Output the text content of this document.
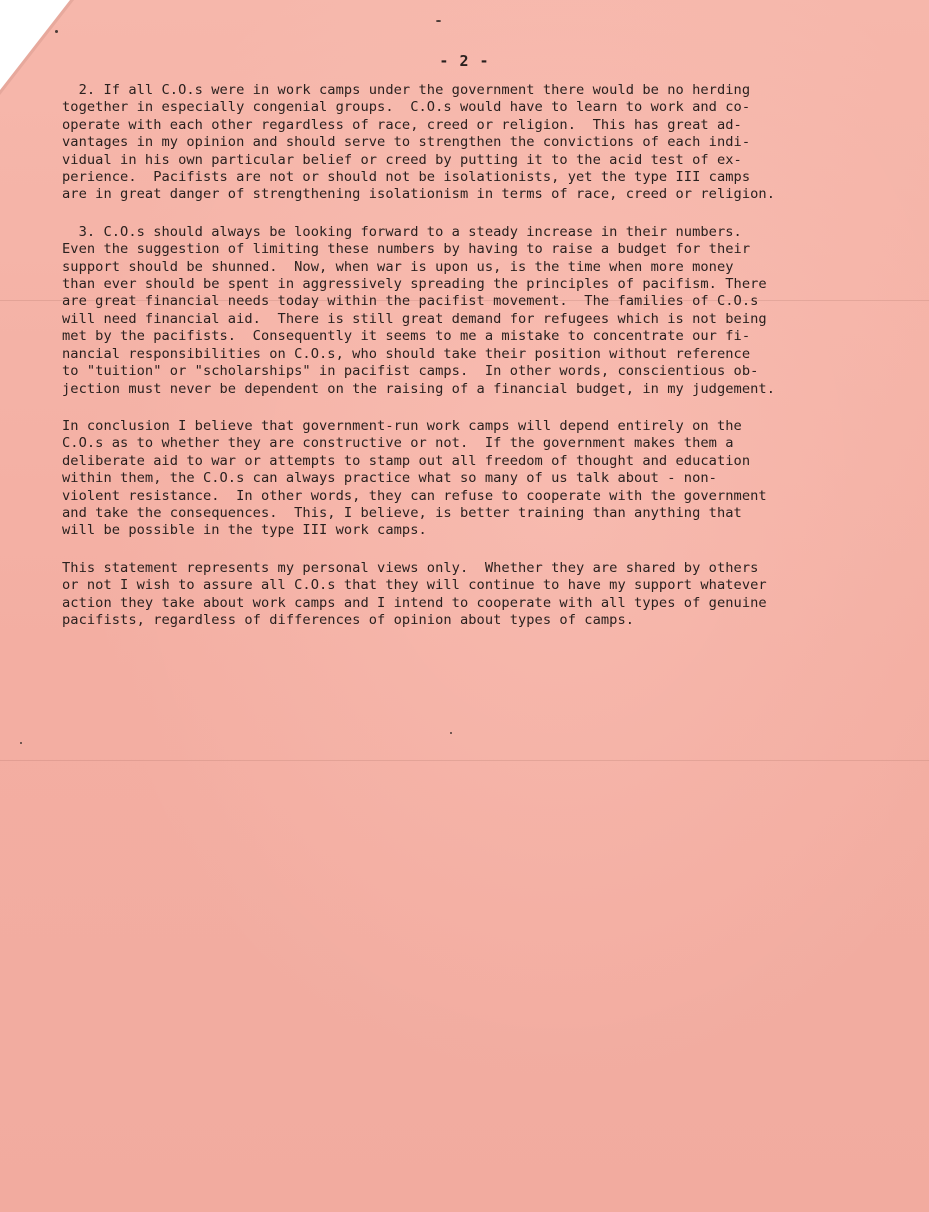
- 2 -
2. If all C.O.s were in work camps under the government there would be no herding
together in especially congenial groups.  C.O.s would have to learn to work and co-
operate with each other regardless of race, creed or religion.  This has great ad-
vantages in my opinion and should serve to strengthen the convictions of each indi-
vidual in his own particular belief or creed by putting it to the acid test of ex-
perience.  Pacifists are not or should not be isolationists, yet the type III camps
are in great danger of strengthening isolationism in terms of race, creed or religion.
3. C.O.s should always be looking forward to a steady increase in their numbers.
Even the suggestion of limiting these numbers by having to raise a budget for their
support should be shunned.  Now, when war is upon us, is the time when more money
than ever should be spent in aggressively spreading the principles of pacifism. There
are great financial needs today within the pacifist movement.  The families of C.O.s
will need financial aid.  There is still great demand for refugees which is not being
met by the pacifists.  Consequently it seems to me a mistake to concentrate our fi-
nancial responsibilities on C.O.s, who should take their position without reference
to "tuition" or "scholarships" in pacifist camps.  In other words, conscientious ob-
jection must never be dependent on the raising of a financial budget, in my judgement.
In conclusion I believe that government-run work camps will depend entirely on the
C.O.s as to whether they are constructive or not.  If the government makes them a
deliberate aid to war or attempts to stamp out all freedom of thought and education
within them, the C.O.s can always practice what so many of us talk about - non-
violent resistance.  In other words, they can refuse to cooperate with the government
and take the consequences.  This, I believe, is better training than anything that
will be possible in the type III work camps.
This statement represents my personal views only.  Whether they are shared by others
or not I wish to assure all C.O.s that they will continue to have my support whatever
action they take about work camps and I intend to cooperate with all types of genuine
pacifists, regardless of differences of opinion about types of camps.
